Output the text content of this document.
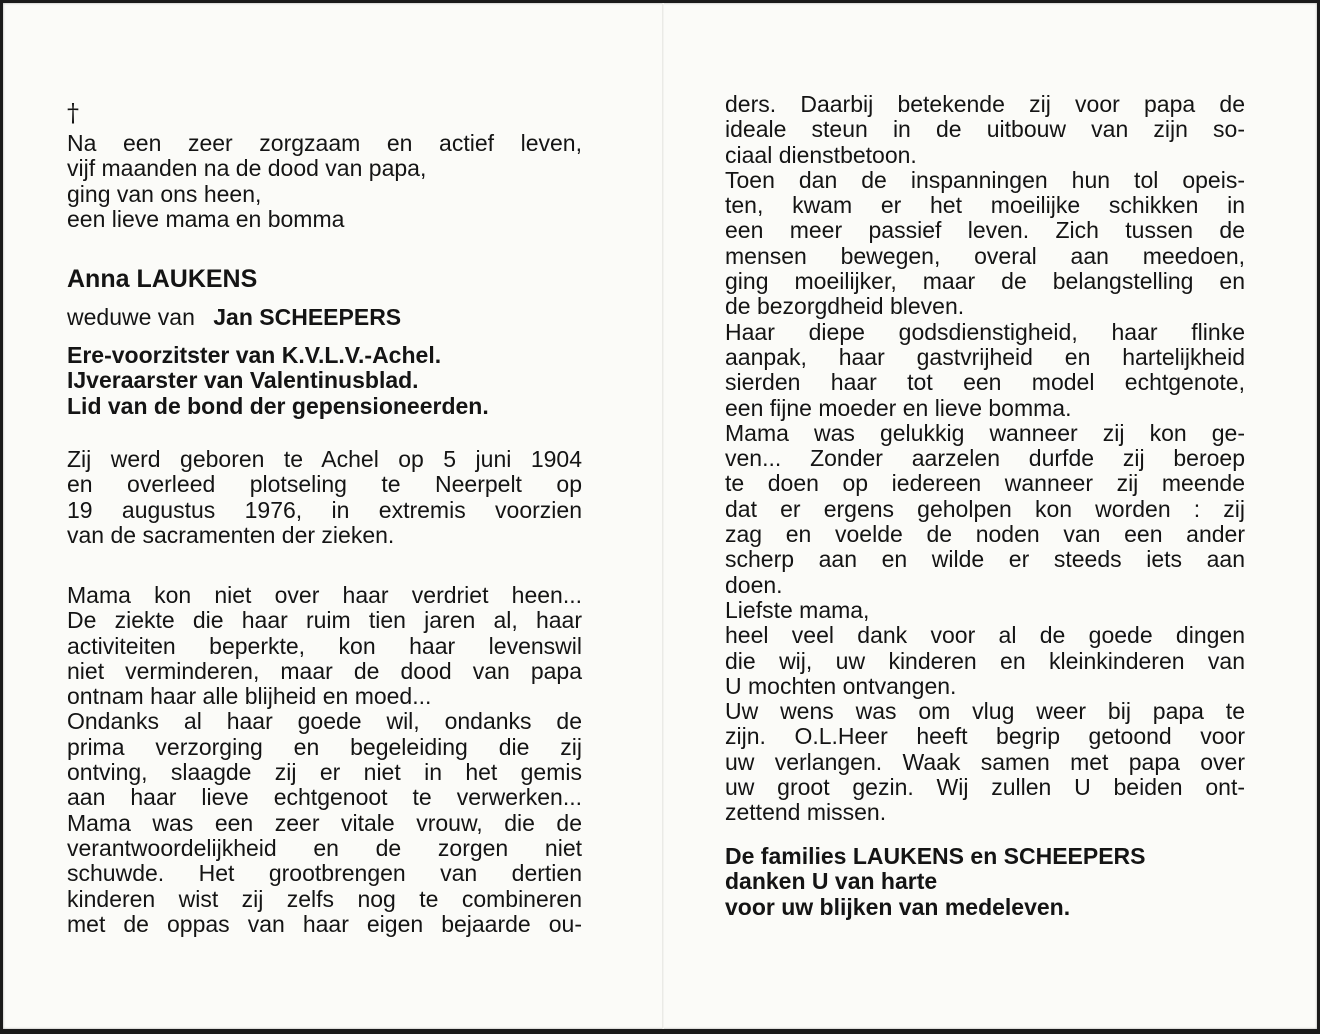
†
Na een zeer zorgzaam en actief leven,
vijf maanden na de dood van papa,
ging van ons heen,
een lieve mama en bomma
Anna LAUKENS
weduwe van Jan SCHEEPERS
Ere-voorzitster van K.V.L.V.-Achel.
IJveraarster van Valentinusblad.
Lid van de bond der gepensioneerden.
Zij werd geboren te Achel op 5 juni 1904
en overleed plotseling te Neerpelt op
19 augustus 1976, in extremis voorzien
van de sacramenten der zieken.
Mama kon niet over haar verdriet heen...
De ziekte die haar ruim tien jaren al, haar
activiteiten beperkte, kon haar levenswil
niet verminderen, maar de dood van papa
ontnam haar alle blijheid en moed...
Ondanks al haar goede wil, ondanks de
prima verzorging en begeleiding die zij
ontving, slaagde zij er niet in het gemis
aan haar lieve echtgenoot te verwerken...
Mama was een zeer vitale vrouw, die de
verantwoordelijkheid en de zorgen niet
schuwde. Het grootbrengen van dertien
kinderen wist zij zelfs nog te combineren
met de oppas van haar eigen bejaarde ou-
ders. Daarbij betekende zij voor papa de
ideale steun in de uitbouw van zijn so-
ciaal dienstbetoon.
Toen dan de inspanningen hun tol opeis-
ten, kwam er het moeilijke schikken in
een meer passief leven. Zich tussen de
mensen bewegen, overal aan meedoen,
ging moeilijker, maar de belangstelling en
de bezorgdheid bleven.
Haar diepe godsdienstigheid, haar flinke
aanpak, haar gastvrijheid en hartelijkheid
sierden haar tot een model echtgenote,
een fijne moeder en lieve bomma.
Mama was gelukkig wanneer zij kon ge-
ven... Zonder aarzelen durfde zij beroep
te doen op iedereen wanneer zij meende
dat er ergens geholpen kon worden : zij
zag en voelde de noden van een ander
scherp aan en wilde er steeds iets aan
doen.
Liefste mama,
heel veel dank voor al de goede dingen
die wij, uw kinderen en kleinkinderen van
U mochten ontvangen.
Uw wens was om vlug weer bij papa te
zijn. O.L.Heer heeft begrip getoond voor
uw verlangen. Waak samen met papa over
uw groot gezin. Wij zullen U beiden ont-
zettend missen.
De families LAUKENS en SCHEEPERS
danken U van harte
voor uw blijken van medeleven.
